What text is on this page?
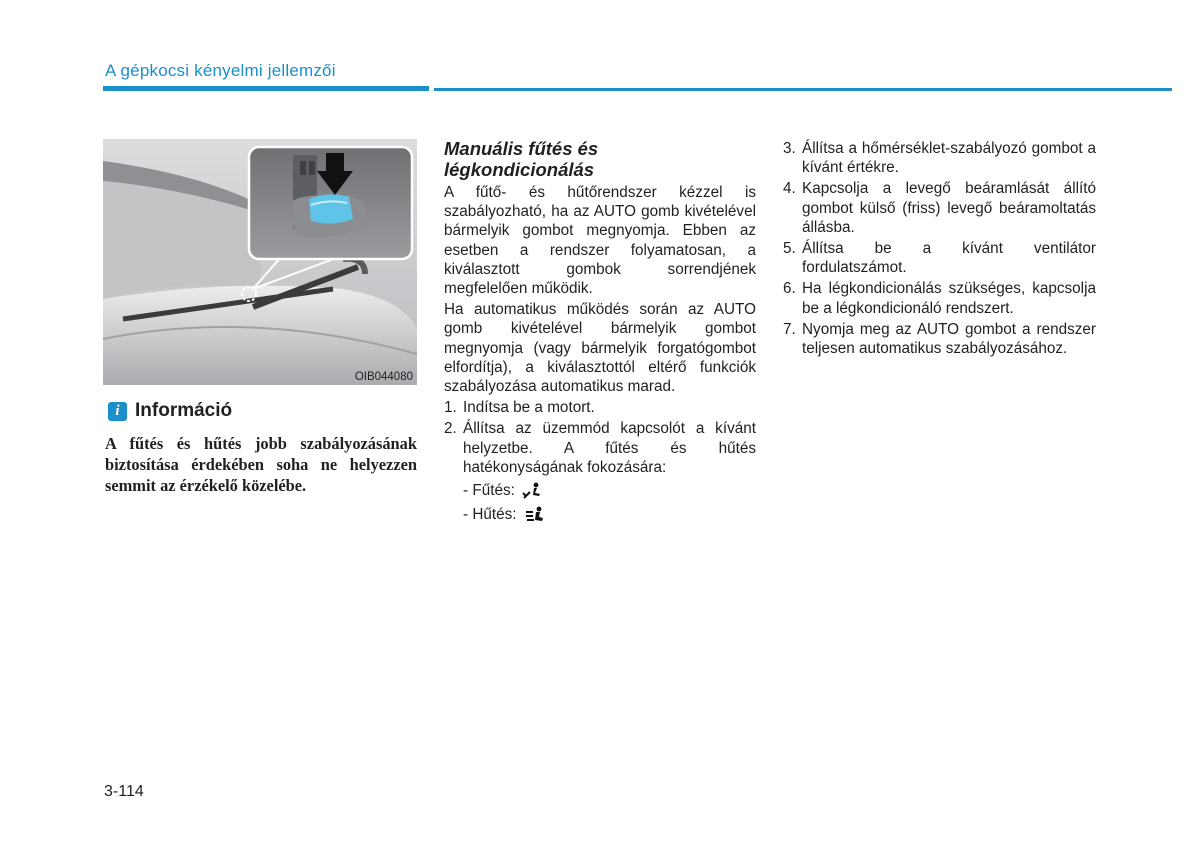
A gépkocsi kényelmi jellemzői
OIB044080
i Információ
A fűtés és hűtés jobb szabályozásának biztosítása érdekében soha ne helyezzen semmit az érzékelő közelébe.
Manuális fűtés és
légkondicionálás

A fűtő- és hűtőrendszer kézzel is szabályozható, ha az AUTO gomb kivételével bármelyik gombot megnyomja. Ebben az esetben a rendszer folyamatosan, a kiválasztott gombok sorrendjének megfelelően működik.

Ha automatikus működés során az AUTO gomb kivételével bármelyik gombot megnyomja (vagy bármelyik forgatógombot elfordítja), a kiválasztottól eltérő funkciók szabályozása automatikus marad.

1. Indítsa be a motort.
2. Állítsa az üzemmód kapcsolót a kívánt helyzetbe. A fűtés és hűtés hatékonyságának fokozására:
- Fűtés:
- Hűtés:
3. Állítsa a hőmérséklet-szabályozó gombot a kívánt értékre.
4. Kapcsolja a levegő beáramlását állító gombot külső (friss) levegő beáramoltatás állásba.
5. Állítsa be a kívánt ventilátor fordulatszámot.
6. Ha légkondicionálás szükséges, kapcsolja be a légkondicionáló rendszert.
7. Nyomja meg az AUTO gombot a rendszer teljesen automatikus szabályozásához.
3-114
